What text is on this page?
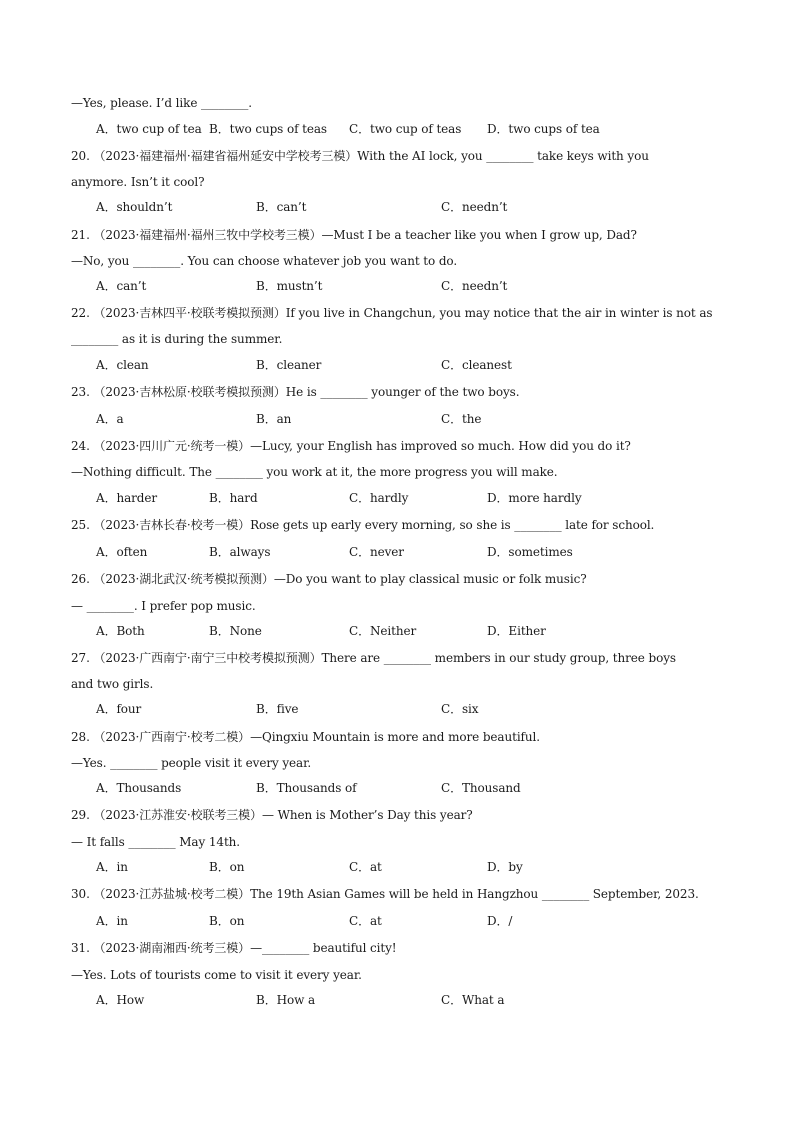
—Yes, please. I’d like ________.
A．two cup of tea B．two cups of teas C．two cup of teas D．two cups of tea
20. （2023·福建福州·福建省福州延安中学校考三模）With the AI lock, you ________ take keys with you
anymore. Isn’t it cool?
A．shouldn’t	B．can’t	C．needn’t
21. （2023·福建福州·福州三牧中学校考三模）—Must I be a teacher like you when I grow up, Dad?
—No, you ________. You can choose whatever job you want to do.
A．can’t	B．mustn’t	C．needn’t
22. （2023·吉林四平·校联考模拟预测）If you live in Changchun, you may notice that the air in winter is not as
________ as it is during the summer.
A．clean	B．cleaner	C．cleanest
23. （2023·吉林松原·校联考模拟预测）He is ________ younger of the two boys.
A．a	B．an	C．the
24. （2023·四川广元·统考一模）—Lucy, your English has improved so much. How did you do it?
—Nothing difficult. The ________ you work at it, the more progress you will make.
A．harder	B．hard	C．hardly	D．more hardly
25. （2023·吉林长春·校考一模）Rose gets up early every morning, so she is ________ late for school.
A．often	B．always	C．never	D．sometimes
26. （2023·湖北武汉·统考模拟预测）—Do you want to play classical music or folk music?
— ________. I prefer pop music.
A．Both	B．None	C．Neither	D．Either
27. （2023·广西南宁·南宁三中校考模拟预测）There are ________ members in our study group, three boys
and two girls.
A．four	B．five	C．six
28. （2023·广西南宁·校考二模）—Qingxiu Mountain is more and more beautiful.
—Yes. ________ people visit it every year.
A．Thousands	B．Thousands of	C．Thousand
29. （2023·江苏淮安·校联考三模）— When is Mother’s Day this year?
— It falls ________ May 14th.
A．in	B．on	C．at	D．by
30. （2023·江苏盐城·校考二模）The 19th Asian Games will be held in Hangzhou ________ September, 2023.
A．in	B．on	C．at	D．/
31. （2023·湖南湘西·统考三模）—________ beautiful city!
—Yes. Lots of tourists come to visit it every year.
A．How	B．How a	C．What a
